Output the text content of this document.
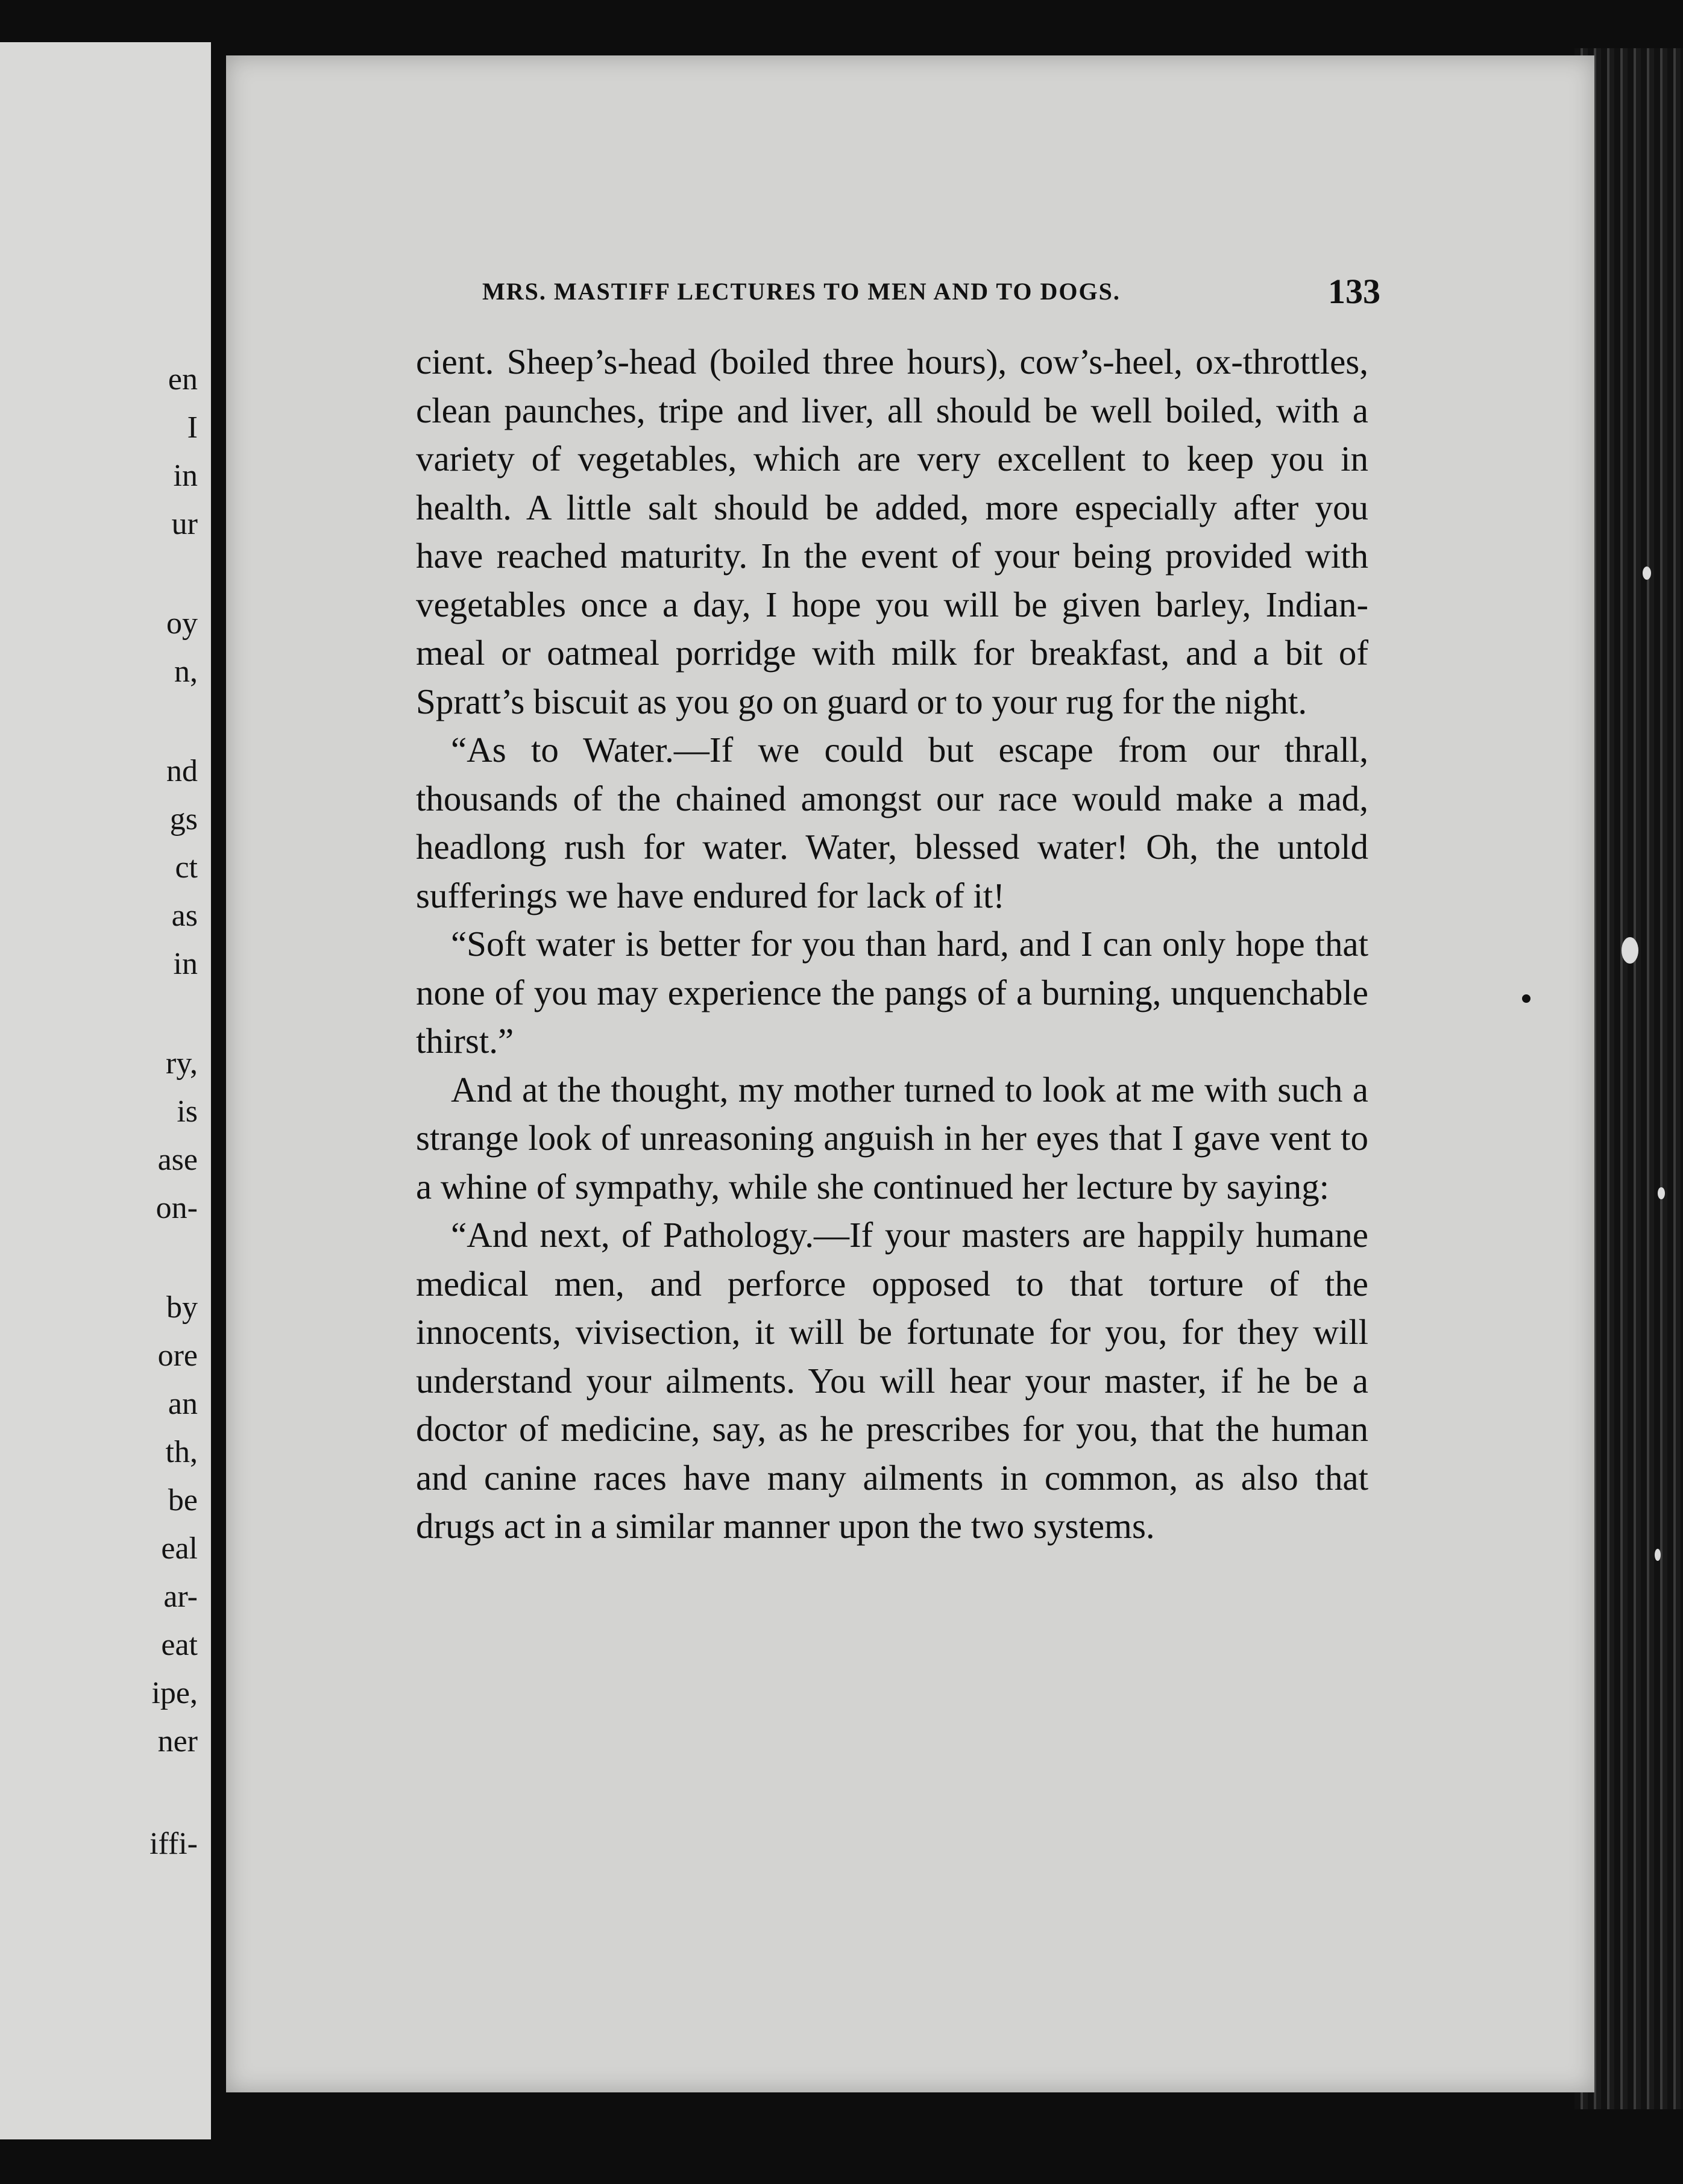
en
I
in
ur
oy
n,
nd
gs
ct
as
in
ry,
is
ase
on-
by
ore
an
th,
be
eal
ar-
eat
ipe,
ner
iffi-
MRS. MASTIFF LECTURES TO MEN AND TO DOGS.	133

cient. Sheep’s-head (boiled three hours), cow’s-heel, ox-throttles, clean paunches, tripe and liver, all should be well boiled, with a variety of vegetables, which are very excellent to keep you in health. A little salt should be added, more especially after you have reached maturity. In the event of your being provided with vegetables once a day, I hope you will be given barley, Indian-meal or oatmeal porridge with milk for breakfast, and a bit of Spratt’s biscuit as you go on guard or to your rug for the night.

“As to Water.—If we could but escape from our thrall, thousands of the chained amongst our race would make a mad, headlong rush for water. Water, blessed water! Oh, the untold sufferings we have endured for lack of it!

“Soft water is better for you than hard, and I can only hope that none of you may experience the pangs of a burning, unquenchable thirst.”

And at the thought, my mother turned to look at me with such a strange look of unreasoning anguish in her eyes that I gave vent to a whine of sympathy, while she continued her lecture by saying:

“And next, of Pathology.—If your masters are happily humane medical men, and perforce opposed to that torture of the innocents, vivisection, it will be fortunate for you, for they will understand your ailments. You will hear your master, if he be a doctor of medicine, say, as he prescribes for you, that the human and canine races have many ailments in common, as also that drugs act in a similar manner upon the two systems.
